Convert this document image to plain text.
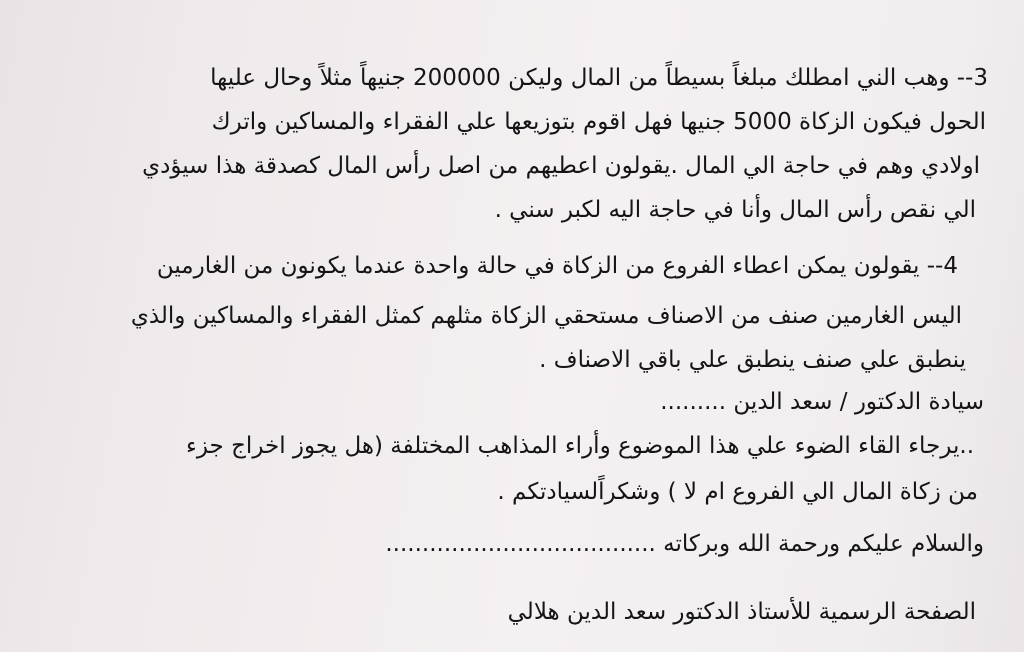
3-- وهب الني امطلك مبلغاً بسيطاً من المال وليكن 200000 جنيهاً مثلاً وحال عليها
الحول فيكون الزكاة 5000 جنيها فهل اقوم بتوزيعها علي الفقراء والمساكين واترك
اولادي وهم في حاجة الي المال .يقولون اعطيهم من اصل رأس المال كصدقة هذا سيؤدي
الي نقص رأس المال وأنا في حاجة اليه لكبر سني .
4-- يقولون يمكن اعطاء الفروع من الزكاة في حالة واحدة عندما يكونون من الغارمين
اليس الغارمين صنف من الاصناف مستحقي الزكاة مثلهم كمثل الفقراء والمساكين والذي
ينطبق علي صنف ينطبق علي باقي الاصناف .
سيادة الدكتور / سعد الدين .........
..يرجاء القاء الضوء علي هذا الموضوع وأراء المذاهب المختلفة (هل يجوز اخراج جزء
من زكاة المال الي الفروع ام لا ) وشكراًلسيادتكم .
والسلام عليكم ورحمة الله وبركاته .....................................
الصفحة الرسمية للأستاذ الدكتور سعد الدين هلالي
